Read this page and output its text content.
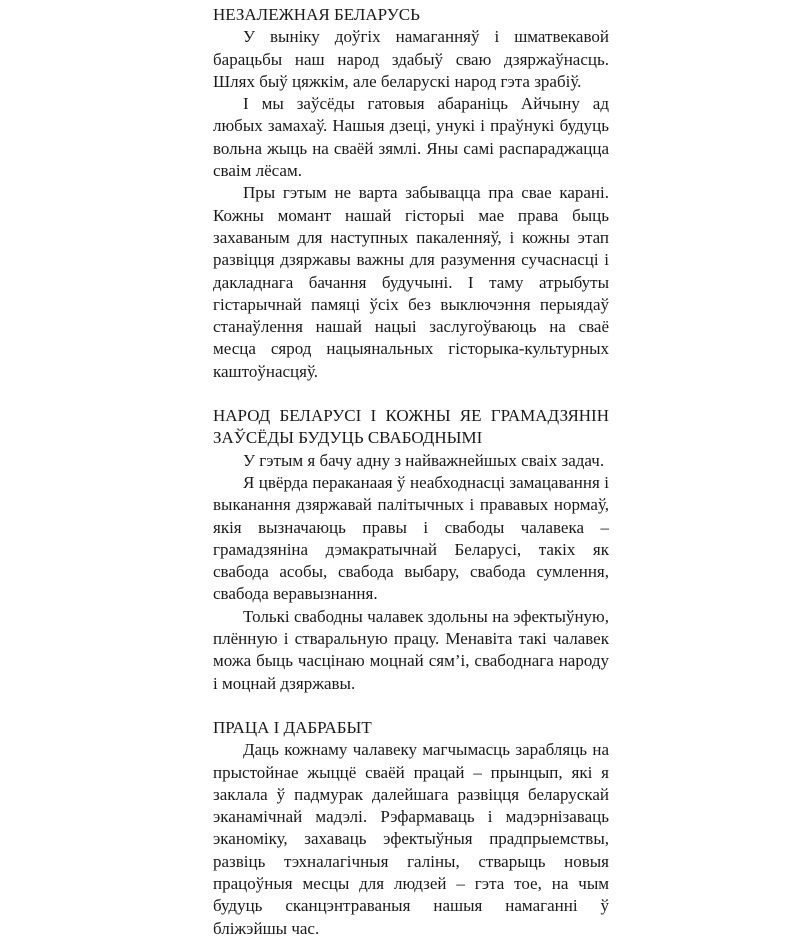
НЕЗАЛЕЖНАЯ БЕЛАРУСЬ

У выніку доўгіх намаганняў і шматвекавой барацьбы наш народ здабыў сваю дзяржаўнасць. Шлях быў цяжкім, але беларускі народ гэта зрабіў.

І мы заўсёды гатовыя абараніць Айчыну ад любых замахаў. Нашыя дзеці, унукі і праўнукі будуць вольна жыць на сваёй зямлі. Яны самі распараджацца сваім лёсам.

Пры гэтым не варта забывацца пра свае карані. Кожны момант нашай гісторыі мае права быць захаваным для наступных пакаленняў, і кожны этап развіцця дзяржавы важны для разумення сучаснасці і дакладнага бачання будучыні. І таму атрыбуты гістарычнай памяці ўсіх без выключэння перыядаў станаўлення нашай нацыі заслугоўваюць на сваё месца сярод нацыянальных гісторыка-культурных каштоўнасцяў.

НАРОД БЕЛАРУСІ І КОЖНЫ ЯЕ ГРАМАДЗЯНІН ЗАЎСЁДЫ БУДУЦЬ СВАБОДНЫМІ

У гэтым я бачу адну з найважнейшых сваіх задач.

Я цвёрда пераканаая ў неабходнасці замацавання і выканання дзяржавай палітычных і прававых нормаў, якія вызначаюць правы і свабоды чалавека – грамадзяніна дэмакратычнай Беларусі, такіх як свабода асобы, свабода выбару, свабода сумлення, свабода веравызнання.

Толькі свабодны чалавек здольны на эфектыўную, плённую і стваральную працу. Менавіта такі чалавек можа быць часцінаю моцнай сям’і, свабоднага народу і моцнай дзяржавы.

ПРАЦА І ДАБРАБЫТ

Даць кожнаму чалавеку магчымасць зарабляць на прыстойнае жыццё сваёй працай – прынцып, які я заклала ў падмурак далейшага развіцця беларускай эканамічнай мадэлі. Рэфармаваць і мадэрнізаваць эканоміку, захаваць эфектыўныя прадпрыемствы, развіць тэхналагічныя галіны, стварыць новыя працоўныя месцы для людзей – гэта тое, на чым будуць сканцэнтраваныя нашыя намаганні ў бліжэйшы час.
